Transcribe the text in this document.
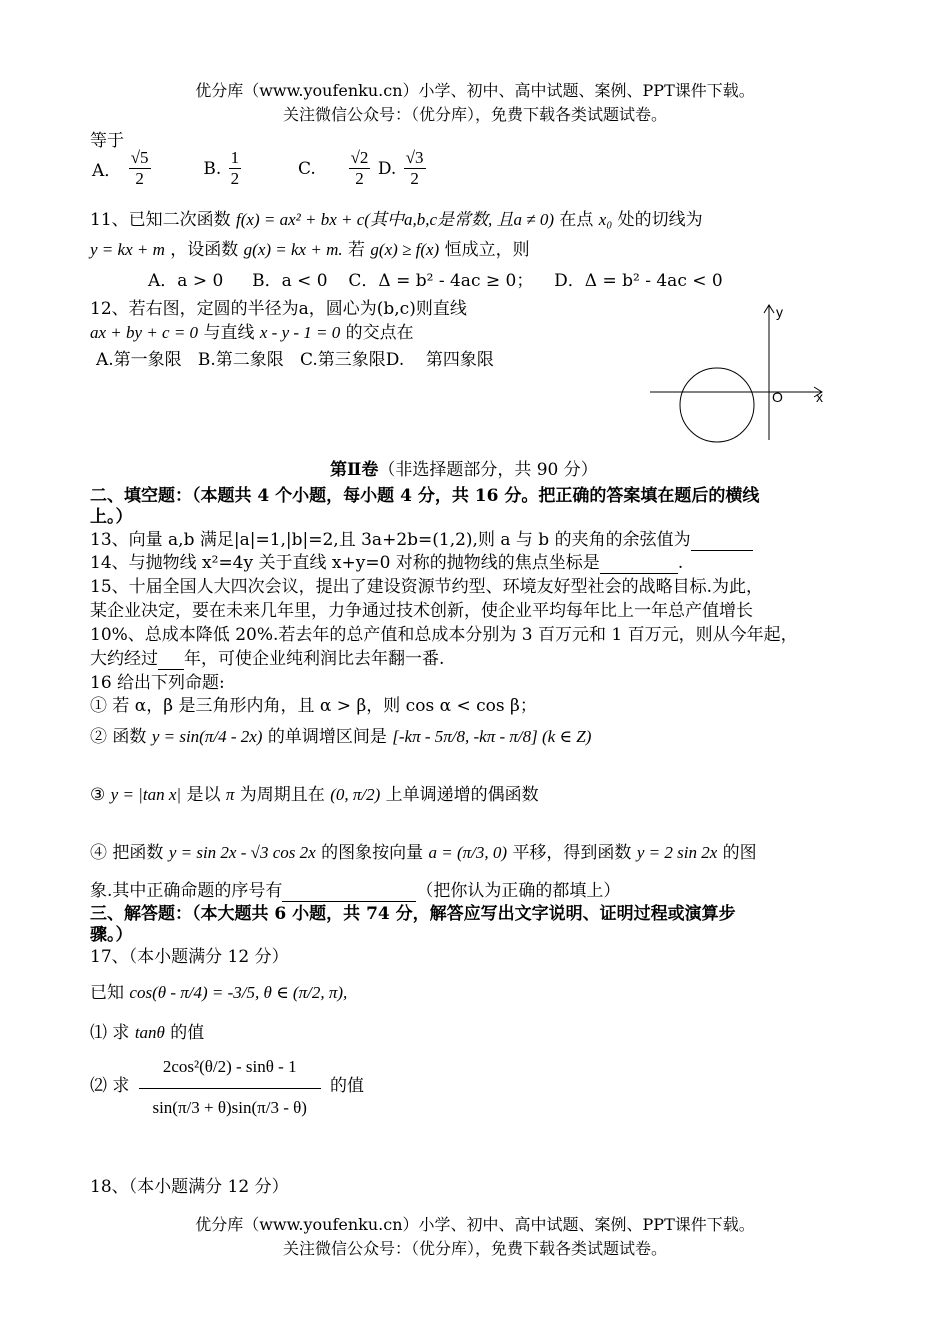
优分库（www.youfenku.cn）小学、初中、高中试题、案例、PPT课件下载。
关注微信公众号：（优分库），免费下载各类试题试卷。
等于
A． $\frac{√5}{2}$	B. $\frac{1}{2}$	C. $\frac{√2}{2} D$. $\frac{√3}{2}$
11、已知二次函数 f(x) = ax² + bx + c(其中a,b,c是常数, 且a ≠ 0) 在点 x₀ 处的切线为
y = kx + m ，设函数 g(x) = kx + m. 若 g(x) ≥ f(x) 恒成立，则
A．a > 0 B．a < 0 C．Δ = b² - 4ac ≥ 0； D．Δ = b² - 4ac < 0
12、若右图，定圆的半径为a，圆心为(b,c)则直线
ax + by + c = 0 与直线 x - y - 1 = 0 的交点在
A.第一象限   B.第二象限   C.第三象限D.    第四象限
y
O x
第Ⅱ卷（非选择题部分，共 90 分）
二、填空题：（本题共 4 个小题，每小题 4 分，共 16 分。把正确的答案填在题后的横线
上。）
13、向量 a,b 满足|a|=1,|b|=2,且 3a+2b=(1,2),则 a 与 b 的夹角的余弦值为
14、与抛物线 x²=4y 关于直线 x+y=0 对称的抛物线的焦点坐标是	.
15、十届全国人大四次会议，提出了建设资源节约型、环境友好型社会的战略目标.为此，
某企业决定，要在未来几年里，力争通过技术创新，使企业平均每年比上一年总产值增长
10%、总成本降低 20%.若去年的总产值和总成本分别为 3 百万元和 1 百万元，则从今年起，
大约经过 年，可使企业纯利润比去年翻一番.
16 给出下列命题:
① 若 α，β 是三角形内角，且 α > β，则 cos α < cos β；
② 函数 y = sin(π/4 - 2x) 的单调增区间是 [-kπ - 5π/8, -kπ - π/8] (k ∈ Z)
③ y = |tan x| 是以 π 为周期且在 (0, π/2) 上单调递增的偶函数
④ 把函数 y = sin 2x - √3 cos 2x 的图象按向量 a = (π/3, 0) 平移，得到函数 y = 2 sin 2x 的图
象.其中正确命题的序号有	（把你认为正确的都填上）
三、解答题：（本大题共 6 小题，共 74 分，解答应写出文字说明、证明过程或演算步
骤。）
17、（本小题满分 12 分）
已知 cos(θ - π/4) = -3/5, θ ∈ (π/2, π),
⑴ 求 tanθ 的值
⑵ 求 $\frac{\text{2cos²(θ/2) - sinθ - 1}}{\sin(\pi/3 + \theta)\sin(\pi/3 - \theta)}$ 的值
18、（本小题满分 12 分）
优分库（www.youfenku.cn）小学、初中、高中试题、案例、PPT课件下载。
关注微信公众号：（优分库），免费下载各类试题试卷。
